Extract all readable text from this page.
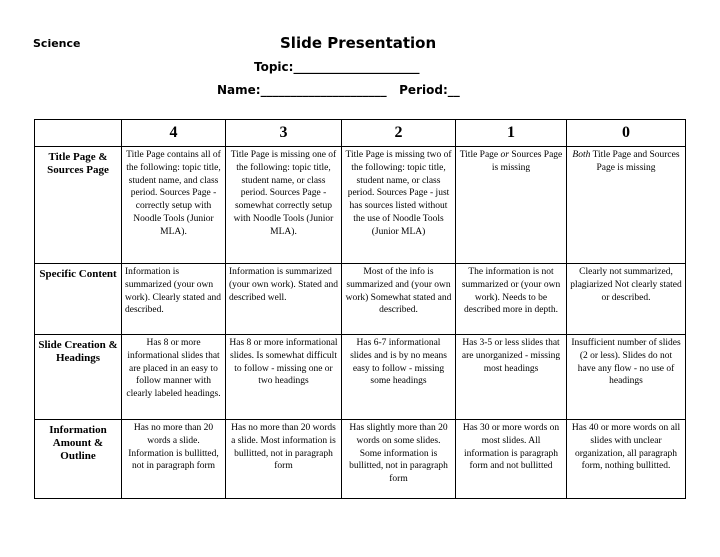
Science	Slide Presentation
Topic:_____________________
Name:_____________________ Period:__
	4	3	2	1	0
Title Page & Sources Page	Title Page contains all of the following: topic title, student name, and class period. Sources Page - correctly setup with Noodle Tools (Junior MLA).	Title Page is missing one of the following: topic title, student name, or class period. Sources Page - somewhat correctly setup with Noodle Tools (Junior MLA).	Title Page is missing two of the following: topic title, student name, or class period. Sources Page - just has sources listed without the use of Noodle Tools (Junior MLA)	Title Page or Sources Page is missing	Both Title Page and Sources Page is missing
Specific Content	Information is summarized (your own work). Clearly stated and described.	Information is summarized (your own work). Stated and described well.	Most of the info is summarized and (your own work) Somewhat stated and described.	The information is not summarized or (your own work). Needs to be described more in depth.	Clearly not summarized, plagiarized Not clearly stated or described.
Slide Creation & Headings	Has 8 or more informational slides that are placed in an easy to follow manner with clearly labeled headings.	Has 8 or more informational slides. Is somewhat difficult to follow - missing one or two headings	Has 6-7 informational slides and is by no means easy to follow - missing some headings	Has 3-5 or less slides that are unorganized - missing most headings	Insufficient number of slides (2 or less). Slides do not have any flow - no use of headings
Information Amount & Outline	Has no more than 20 words a slide. Information is bullitted, not in paragraph form	Has no more than 20 words a slide. Most information is bullitted, not in paragraph form	Has slightly more than 20 words on some slides. Some information is bullitted, not in paragraph form	Has 30 or more words on most slides. All information is paragraph form and not bullitted	Has 40 or more words on all slides with unclear organization, all paragraph form, nothing bullitted.
